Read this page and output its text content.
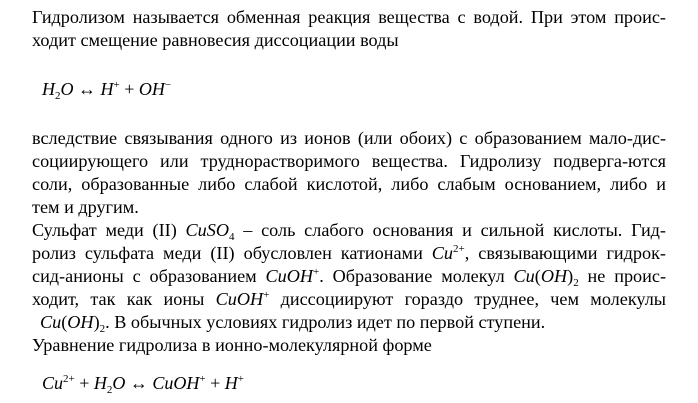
Гидролизом называется обменная реакция вещества с водой. При этом проис-
ходит смещение равновесия диссоциации воды
$H_2O$ ↔ H+ + OH−
вследствие связывания одного из ионов (или обоих) с образованием мало-дис-
социирующего или труднорастворимого вещества. Гидролизу подверга-ются
соли, образованные либо слабой кислотой, либо слабым основанием, либо и
тем и другим.
Сульфат меди (II) CuSO$_4$ – соль слабого основания и сильной кислоты. Гид-
ролиз сульфата меди (II) обусловлен катионами $Cu^{2+}$, связывающими гидрок-
сид-анионы с образованием CuOH+. Образование молекул $Cu(OH)_2$ не проис-
ходит, так как ионы CuOH+ диссоциируют гораздо труднее, чем молекулы
$Cu(OH)_2$. В обычных условиях гидролиз идет по первой ступени.
Уравнение гидролиза в ионно-молекулярной форме
$Cu^{2+} + H_2O$ ↔ CuOH+ + H+
